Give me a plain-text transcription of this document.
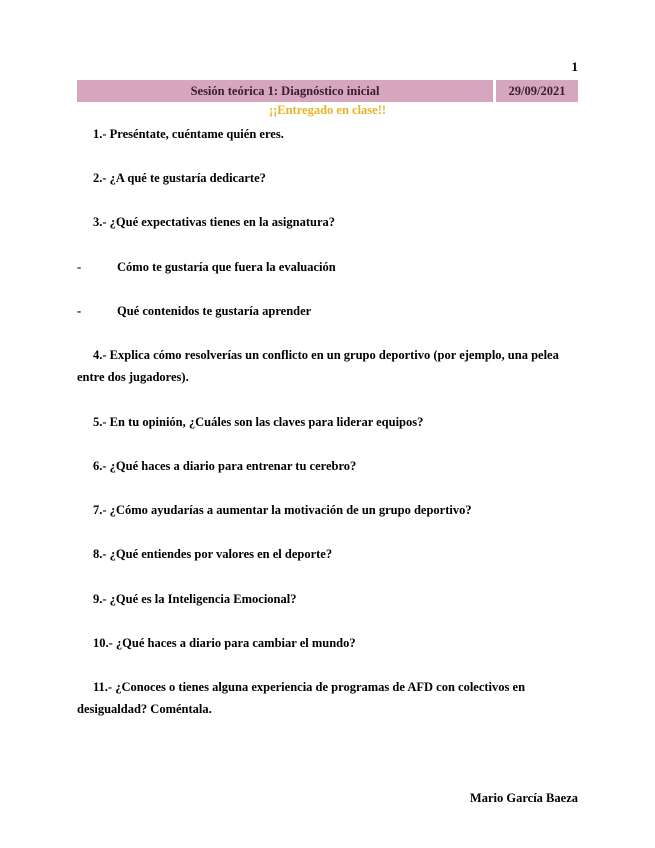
1
Sesión teórica 1: Diagnóstico inicial	29/09/2021
¡¡Entregado en clase!!
1.- Preséntate, cuéntame quién eres.
2.- ¿A qué te gustaría dedicarte?
3.- ¿Qué expectativas tienes en la asignatura?
-	Cómo te gustaría que fuera la evaluación
-	Qué contenidos te gustaría aprender
4.- Explica cómo resolverías un conflicto en un grupo deportivo (por ejemplo, una pelea entre dos jugadores).
5.- En tu opinión, ¿Cuáles son las claves para liderar equipos?
6.- ¿Qué haces a diario para entrenar tu cerebro?
7.- ¿Cómo ayudarías a aumentar la motivación de un grupo deportivo?
8.- ¿Qué entiendes por valores en el deporte?
9.- ¿Qué es la Inteligencia Emocional?
10.- ¿Qué haces a diario para cambiar el mundo?
11.- ¿Conoces o tienes alguna experiencia de programas de AFD con colectivos en desigualdad? Coméntala.
Mario García Baeza
